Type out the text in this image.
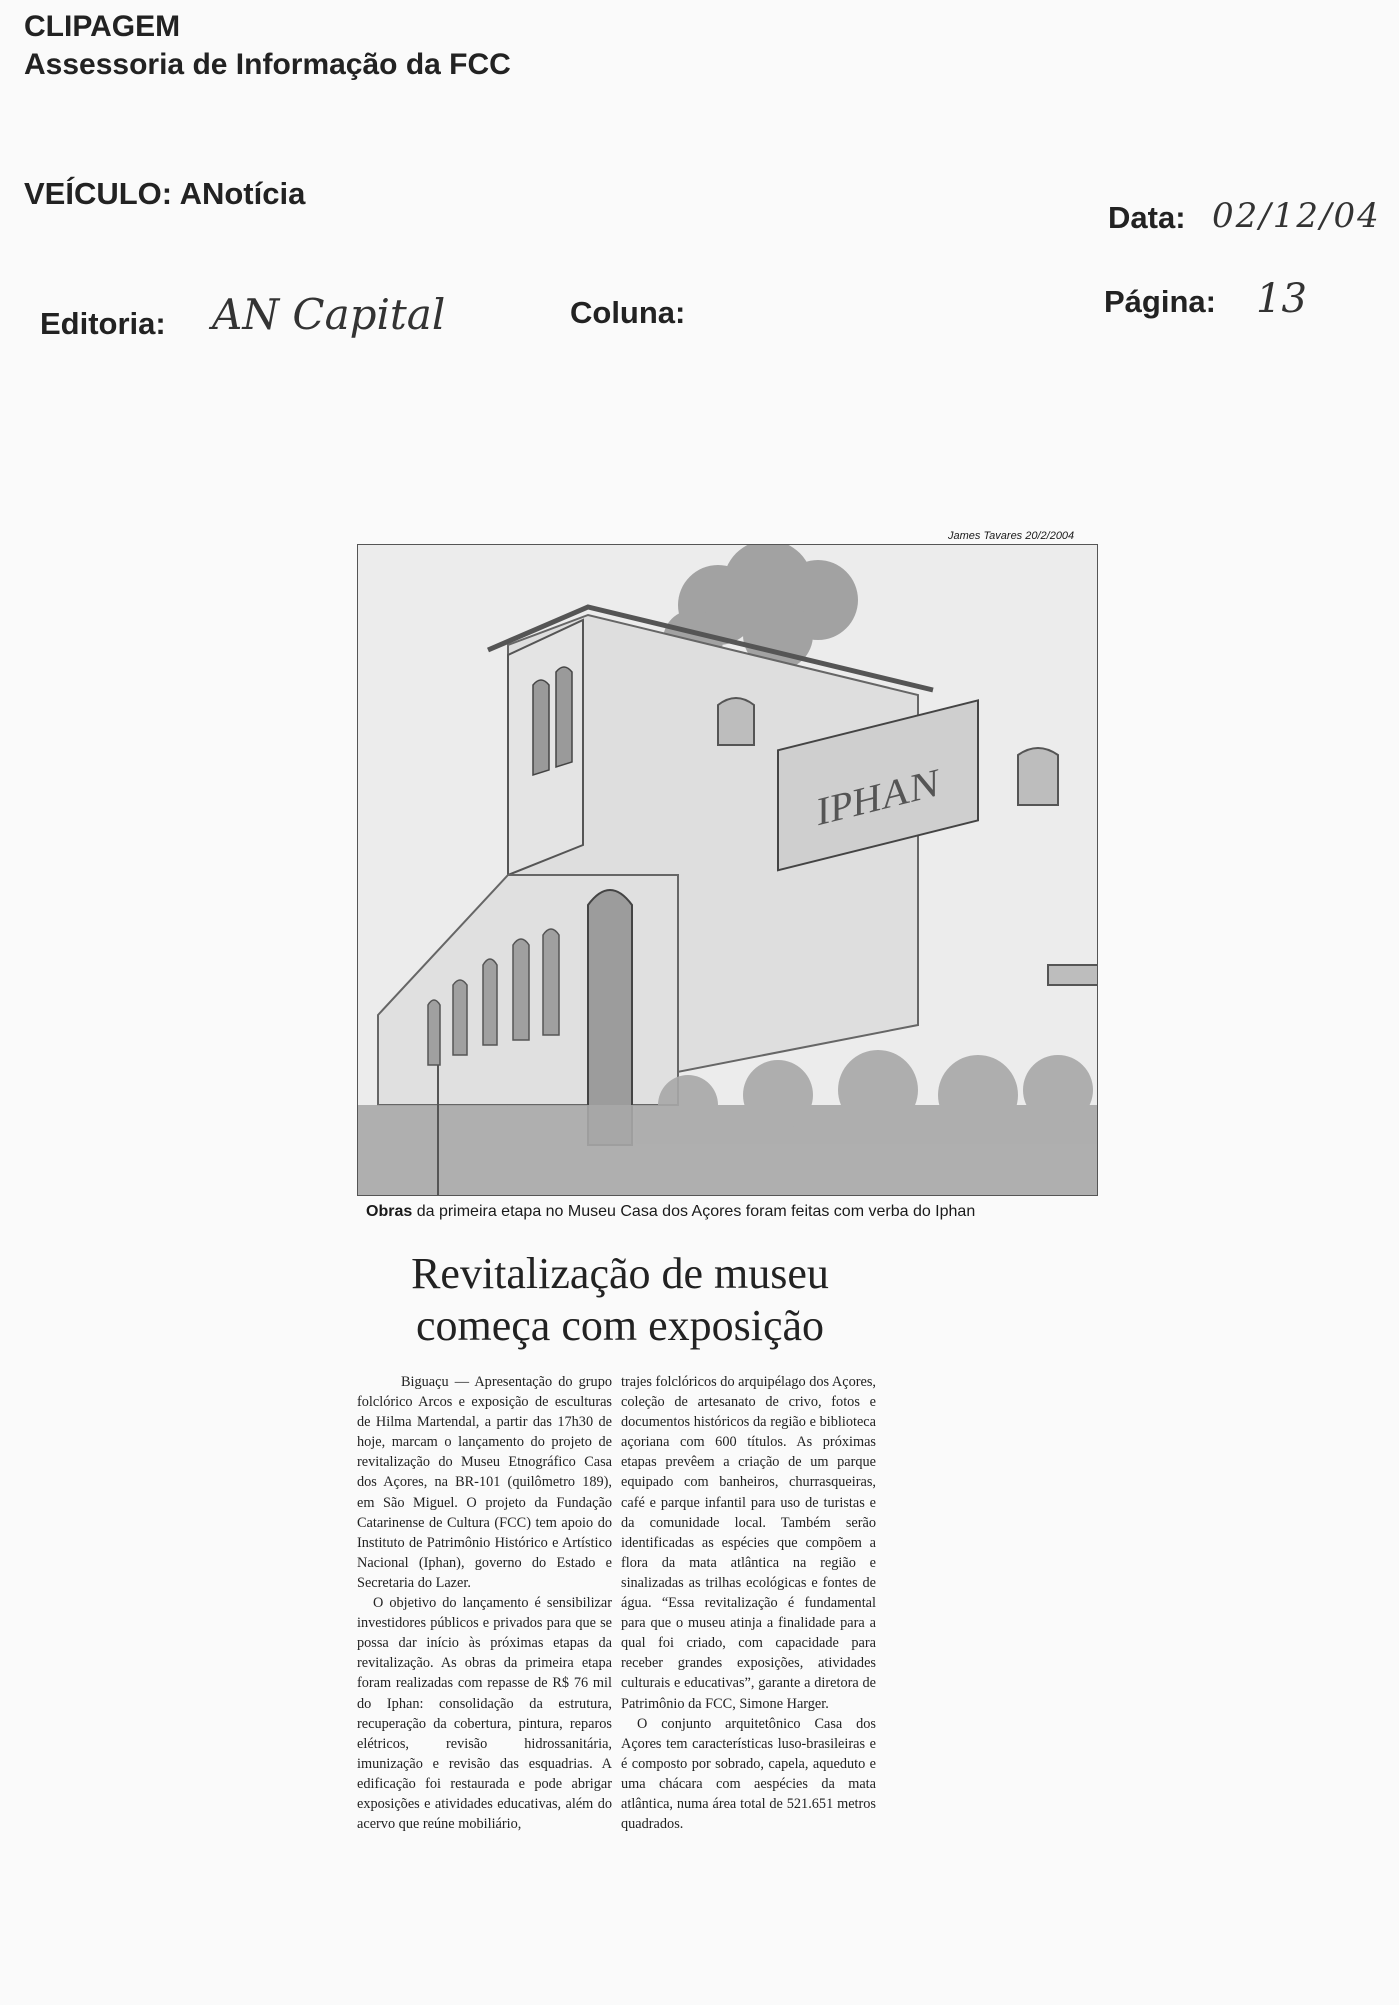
CLIPAGEM
Assessoria de Informação da FCC
VEÍCULO: ANotícia
Data: 02/12/04
Editoria: AN Capital	Coluna:	Página: 13
James Tavares 20/2/2004
IPHAN
Obras da primeira etapa no Museu Casa dos Açores foram feitas com verba do Iphan
Revitalização de museu
começa com exposição

Biguaçu — Apresentação do grupo folclórico Arcos e exposição de esculturas de Hilma Martendal, a partir das 17h30 de hoje, marcam o lançamento do projeto de revitalização do Museu Etnográfico Casa dos Açores, na BR-101 (quilômetro 189), em São Miguel. O projeto da Fundação Catarinense de Cultura (FCC) tem apoio do Instituto de Patrimônio Histórico e Artístico Nacional (Iphan), governo do Estado e Secretaria do Lazer.

O objetivo do lançamento é sensibilizar investidores públicos e privados para que se possa dar início às próximas etapas da revitalização. As obras da primeira etapa foram realizadas com repasse de R$ 76 mil do Iphan: consolidação da estrutura, recuperação da cobertura, pintura, reparos elétricos, revisão hidrossanitária, imunização e revisão das esquadrias. A edificação foi restaurada e pode abrigar exposições e atividades educativas, além do acervo que reúne mobiliário,

trajes folclóricos do arquipélago dos Açores, coleção de artesanato de crivo, fotos e documentos históricos da região e biblioteca açoriana com 600 títulos. As próximas etapas prevêem a criação de um parque equipado com banheiros, churrasqueiras, café e parque infantil para uso de turistas e da comunidade local. Também serão identificadas as espécies que compõem a flora da mata atlântica na região e sinalizadas as trilhas ecológicas e fontes de água. “Essa revitalização é fundamental para que o museu atinja a finalidade para a qual foi criado, com capacidade para receber grandes exposições, atividades culturais e educativas”, garante a diretora de Patrimônio da FCC, Simone Harger.

O conjunto arquitetônico Casa dos Açores tem características luso-brasileiras e é composto por sobrado, capela, aqueduto e uma chácara com aespécies da mata atlântica, numa área total de 521.651 metros quadrados.
